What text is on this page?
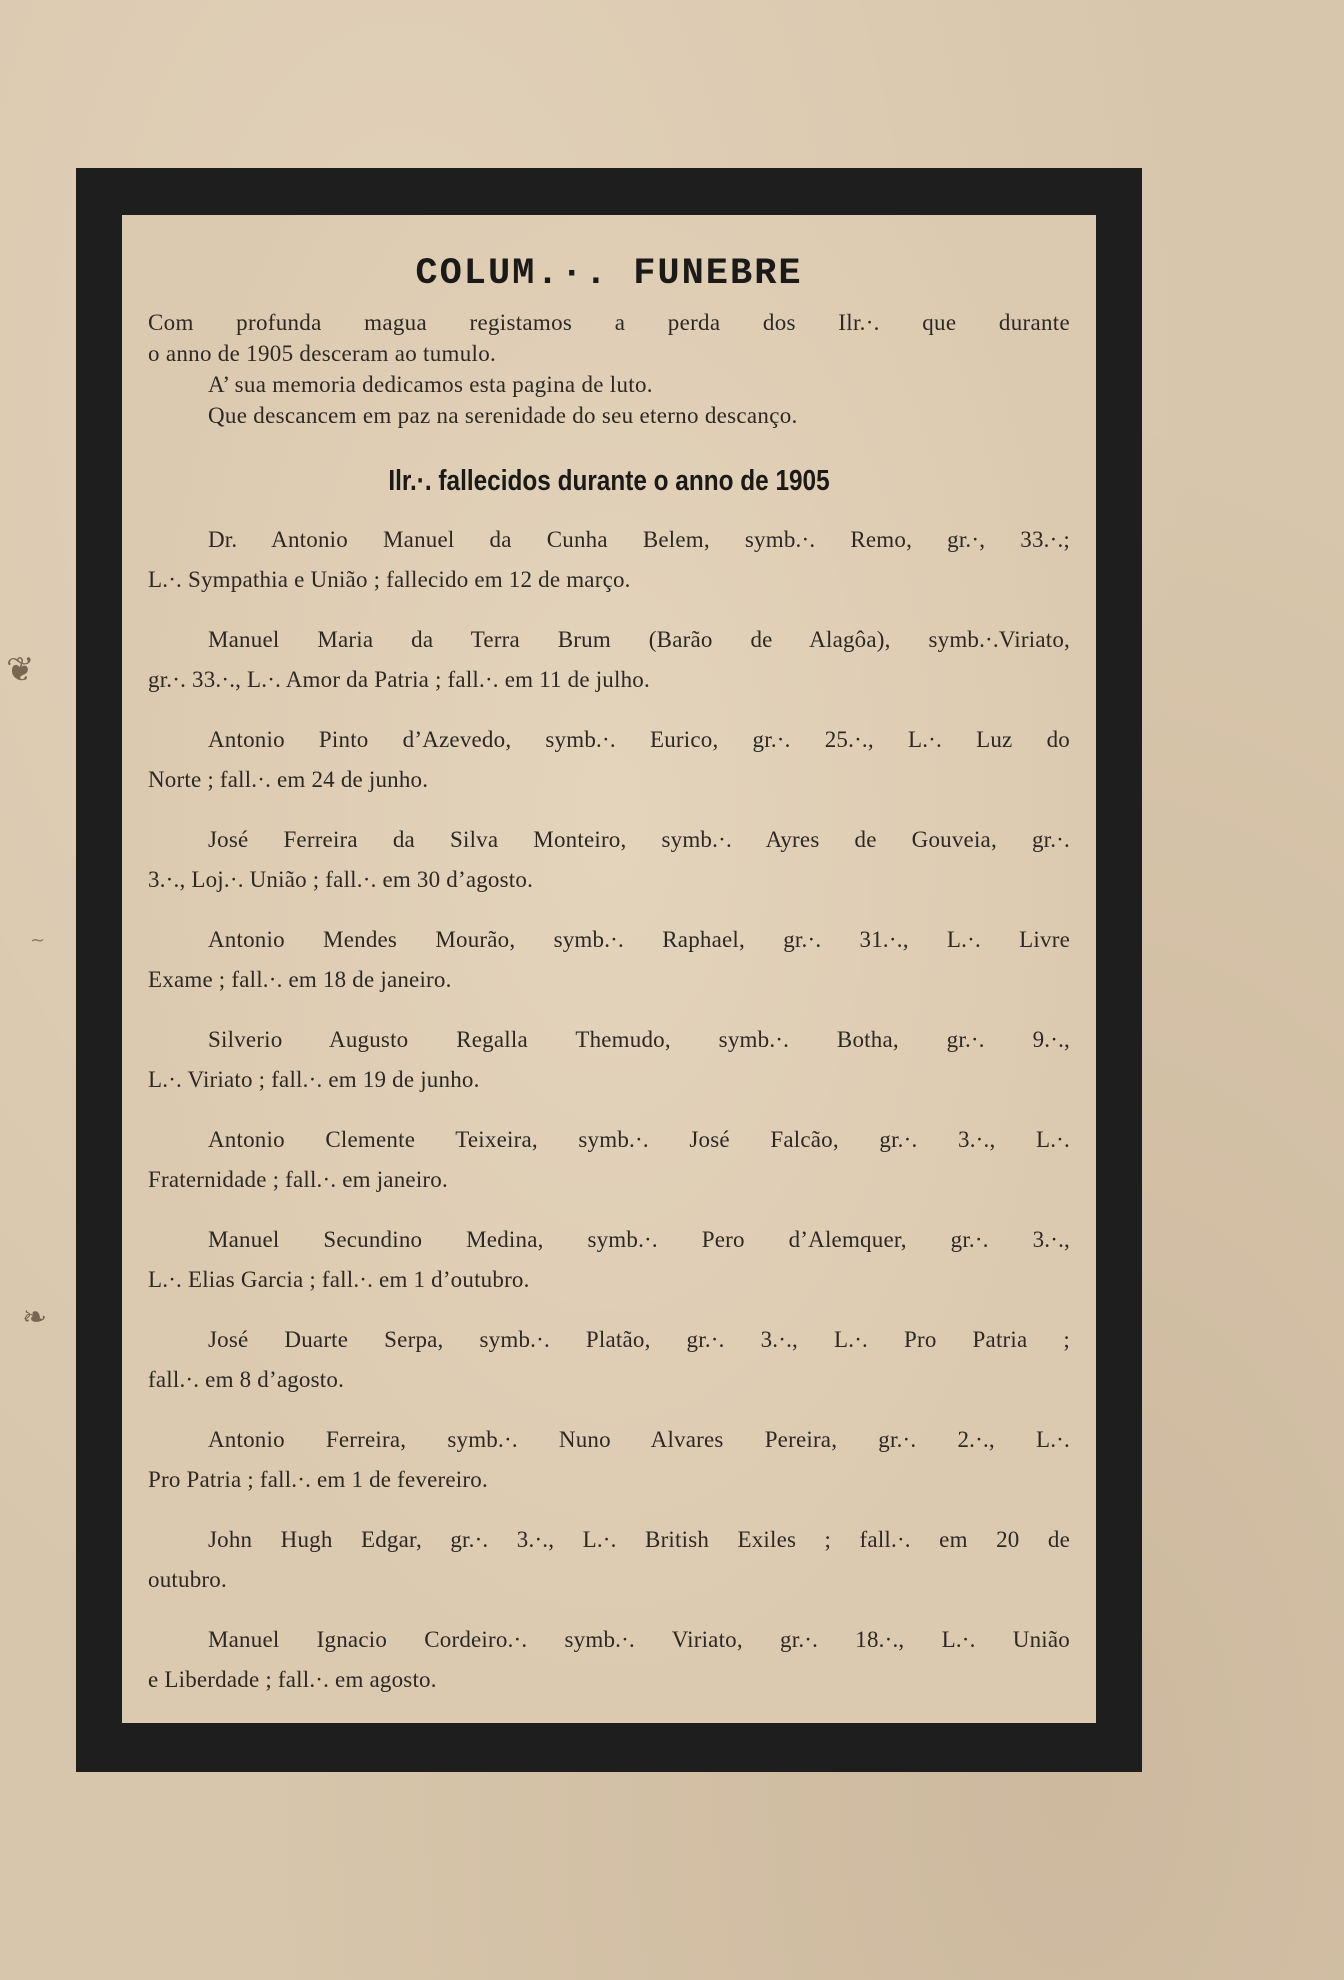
❦
~
❧
COLUM.·. FUNEBRE
Com profunda magua registamos a perda dos Ilr.·. que durante
o anno de 1905 desceram ao tumulo.
A’ sua memoria dedicamos esta pagina de luto.
Que descancem em paz na serenidade do seu eterno descanço.
Ilr.·. fallecidos durante o anno de 1905
Dr. Antonio Manuel da Cunha Belem, symb.·. Remo, gr.·, 33.·.;
L.·. Sympathia e União ; fallecido em 12 de março.
Manuel Maria da Terra Brum (Barão de Alagôa), symb.·.Viriato,
gr.·. 33.·., L.·. Amor da Patria ; fall.·. em 11 de julho.
Antonio Pinto d’Azevedo, symb.·. Eurico, gr.·. 25.·., L.·. Luz do
Norte ; fall.·. em 24 de junho.
José Ferreira da Silva Monteiro, symb.·. Ayres de Gouveia, gr.·.
3.·., Loj.·. União ; fall.·. em 30 d’agosto.
Antonio Mendes Mourão, symb.·. Raphael, gr.·. 31.·., L.·. Livre
Exame ; fall.·. em 18 de janeiro.
Silverio Augusto Regalla Themudo, symb.·. Botha, gr.·. 9.·.,
L.·. Viriato ; fall.·. em 19 de junho.
Antonio Clemente Teixeira, symb.·. José Falcão, gr.·. 3.·., L.·.
Fraternidade ; fall.·. em janeiro.
Manuel Secundino Medina, symb.·. Pero d’Alemquer, gr.·. 3.·.,
L.·. Elias Garcia ; fall.·. em 1 d’outubro.
José Duarte Serpa, symb.·. Platão, gr.·. 3.·., L.·. Pro Patria ;
fall.·. em 8 d’agosto.
Antonio Ferreira, symb.·. Nuno Alvares Pereira, gr.·. 2.·., L.·.
Pro Patria ; fall.·. em 1 de fevereiro.
John Hugh Edgar, gr.·. 3.·., L.·. British Exiles ; fall.·. em 20 de
outubro.
Manuel Ignacio Cordeiro.·. symb.·. Viriato, gr.·. 18.·., L.·. União
e Liberdade ; fall.·. em agosto.
